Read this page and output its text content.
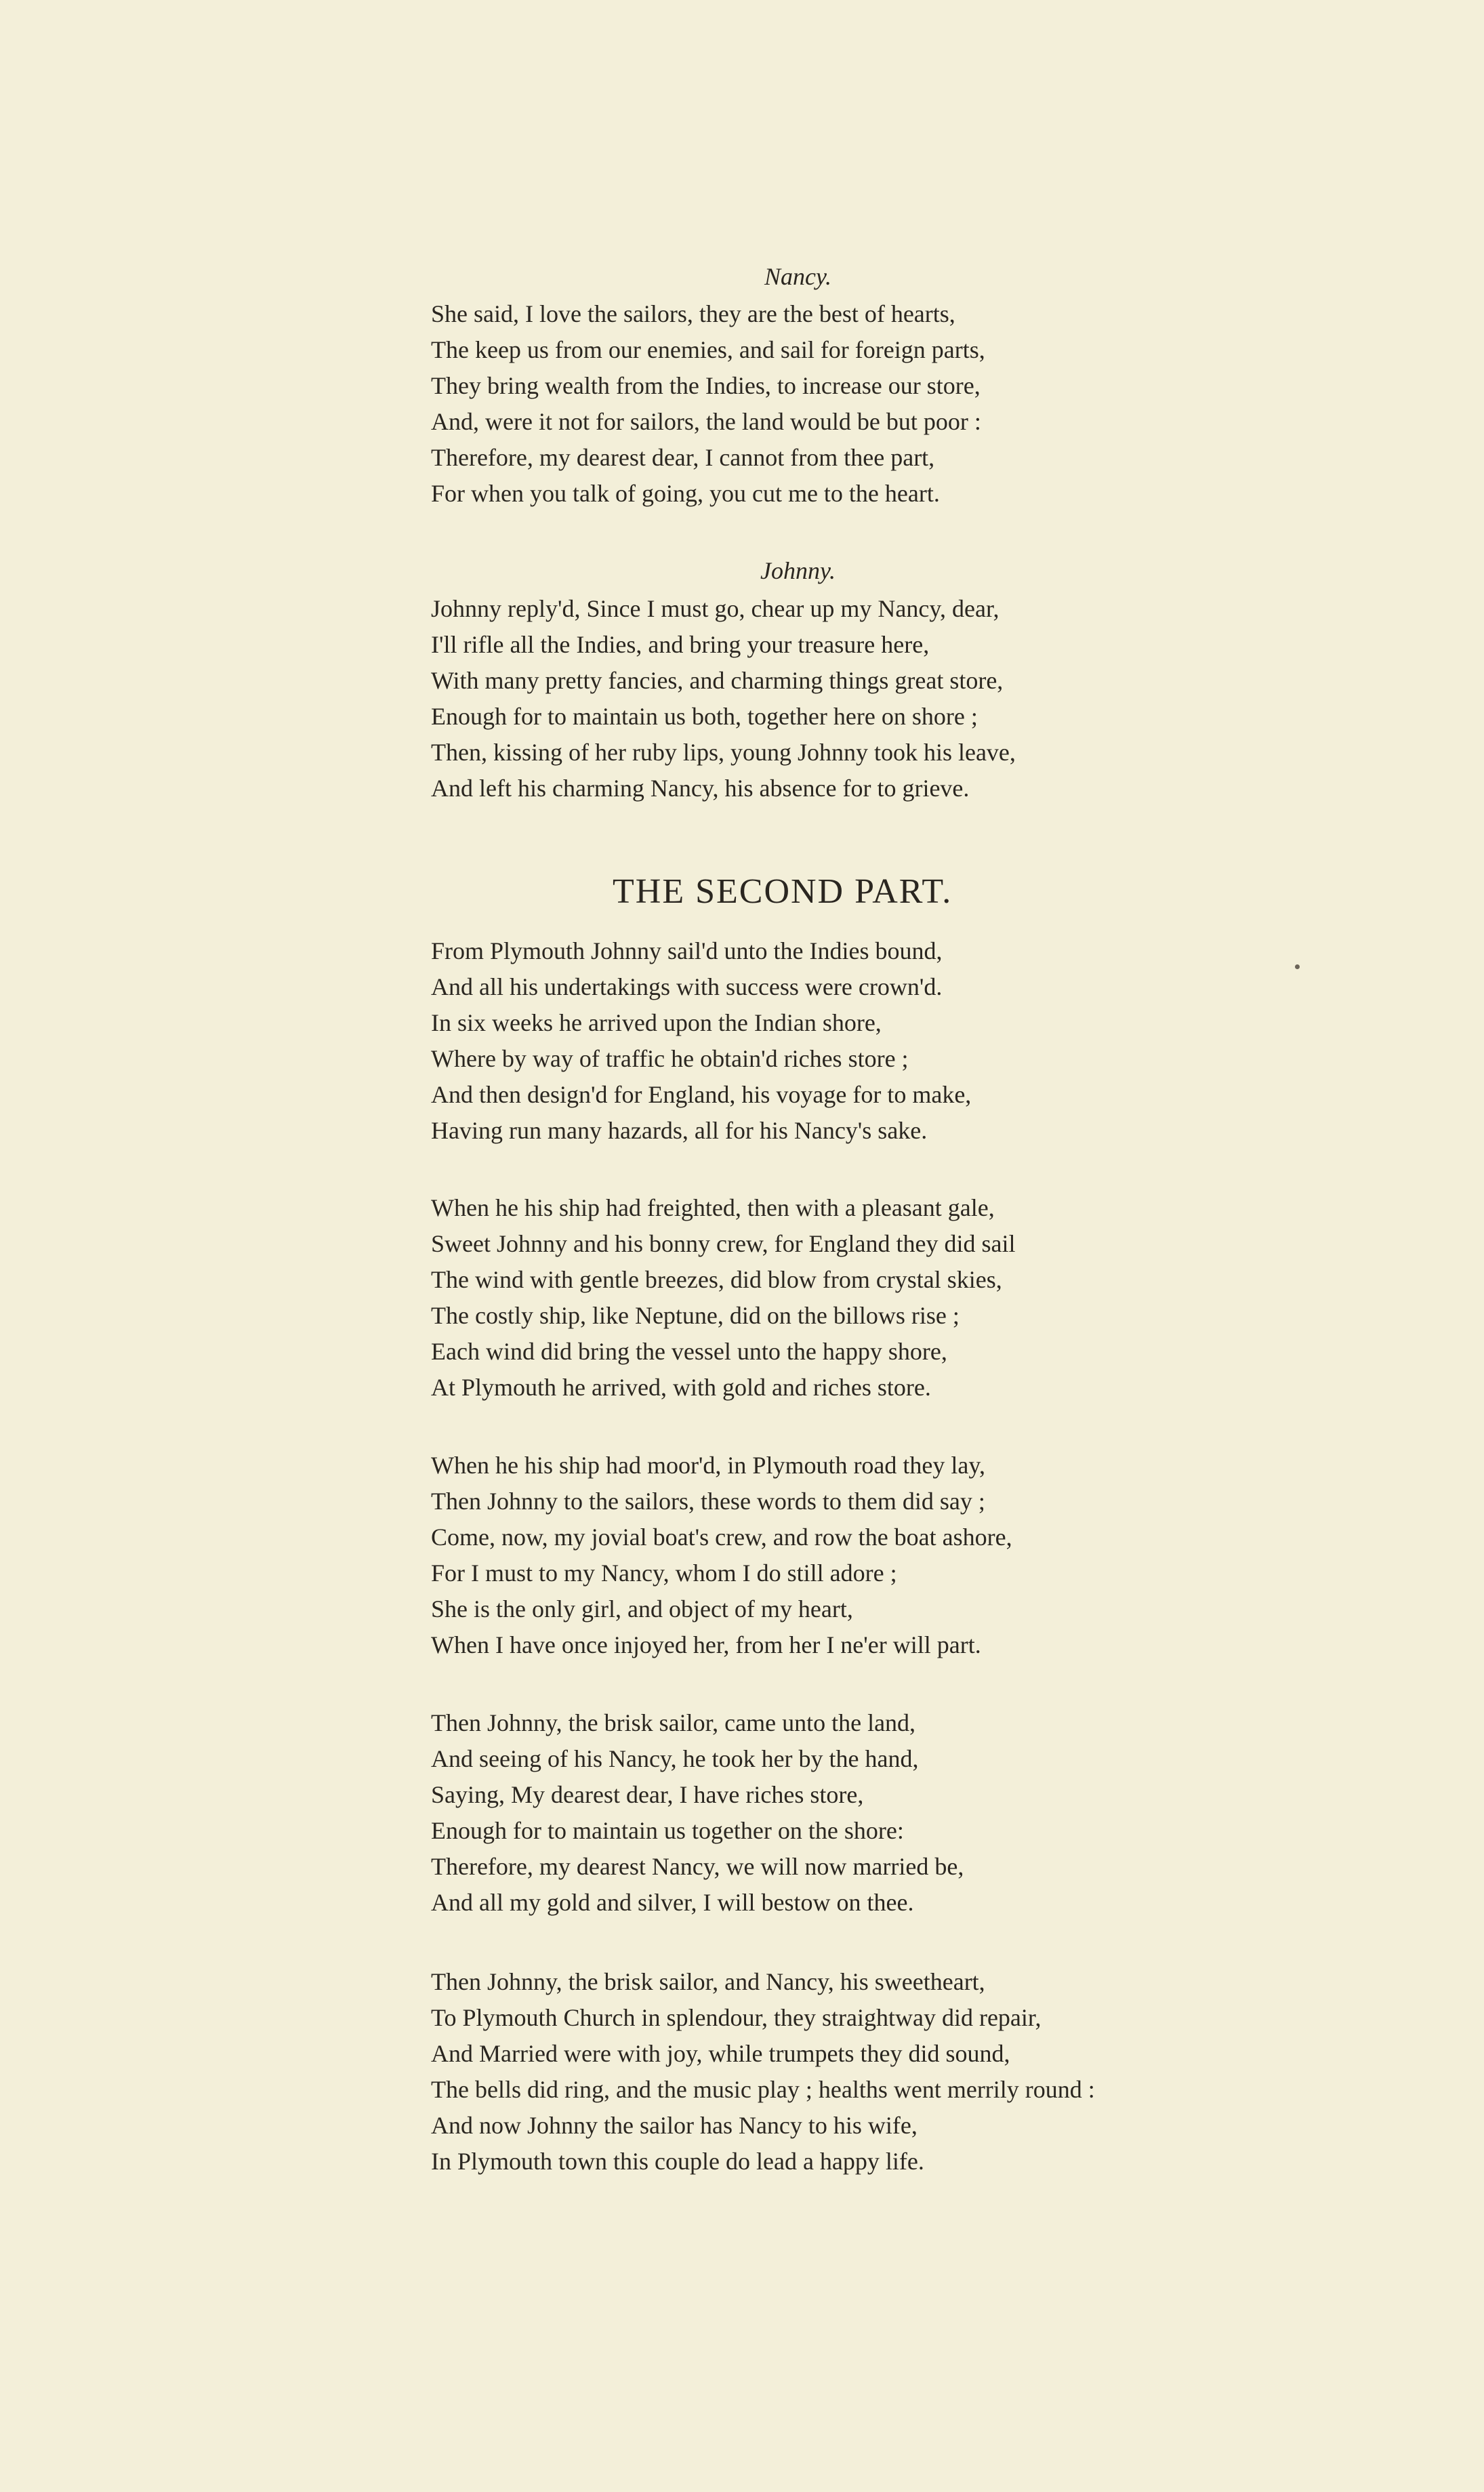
Nancy.
She said, I love the sailors, they are the best of hearts,
The keep us from our enemies, and sail for foreign parts,
They bring wealth from the Indies, to increase our store,
And, were it not for sailors, the land would be but poor :
Therefore, my dearest dear, I cannot from thee part,
For when you talk of going, you cut me to the heart.
Johnny.
Johnny reply'd, Since I must go, chear up my Nancy, dear,
I'll rifle all the Indies, and bring your treasure here,
With many pretty fancies, and charming things great store,
Enough for to maintain us both, together here on shore ;
Then, kissing of her ruby lips, young Johnny took his leave,
And left his charming Nancy, his absence for to grieve.
THE SECOND PART.
From Plymouth Johnny sail'd unto the Indies bound,
And all his undertakings with success were crown'd.
In six weeks he arrived upon the Indian shore,
Where by way of traffic he obtain'd riches store ;
And then design'd for England, his voyage for to make,
Having run many hazards, all for his Nancy's sake.
When he his ship had freighted, then with a pleasant gale,
Sweet Johnny and his bonny crew, for England they did sail
The wind with gentle breezes, did blow from crystal skies,
The costly ship, like Neptune, did on the billows rise ;
Each wind did bring the vessel unto the happy shore,
At Plymouth he arrived, with gold and riches store.
When he his ship had moor'd, in Plymouth road they lay,
Then Johnny to the sailors, these words to them did say ;
Come, now, my jovial boat's crew, and row the boat ashore,
For I must to my Nancy, whom I do still adore ;
She is the only girl, and object of my heart,
When I have once injoyed her, from her I ne'er will part.
Then Johnny, the brisk sailor, came unto the land,
And seeing of his Nancy, he took her by the hand,
Saying, My dearest dear, I have riches store,
Enough for to maintain us together on the shore:
Therefore, my dearest Nancy, we will now married be,
And all my gold and silver, I will bestow on thee.
Then Johnny, the brisk sailor, and Nancy, his sweetheart,
To Plymouth Church in splendour, they straightway did repair,
And Married were with joy, while trumpets they did sound,
The bells did ring, and the music play ; healths went merrily round :
And now Johnny the sailor has Nancy to his wife,
In Plymouth town this couple do lead a happy life.
